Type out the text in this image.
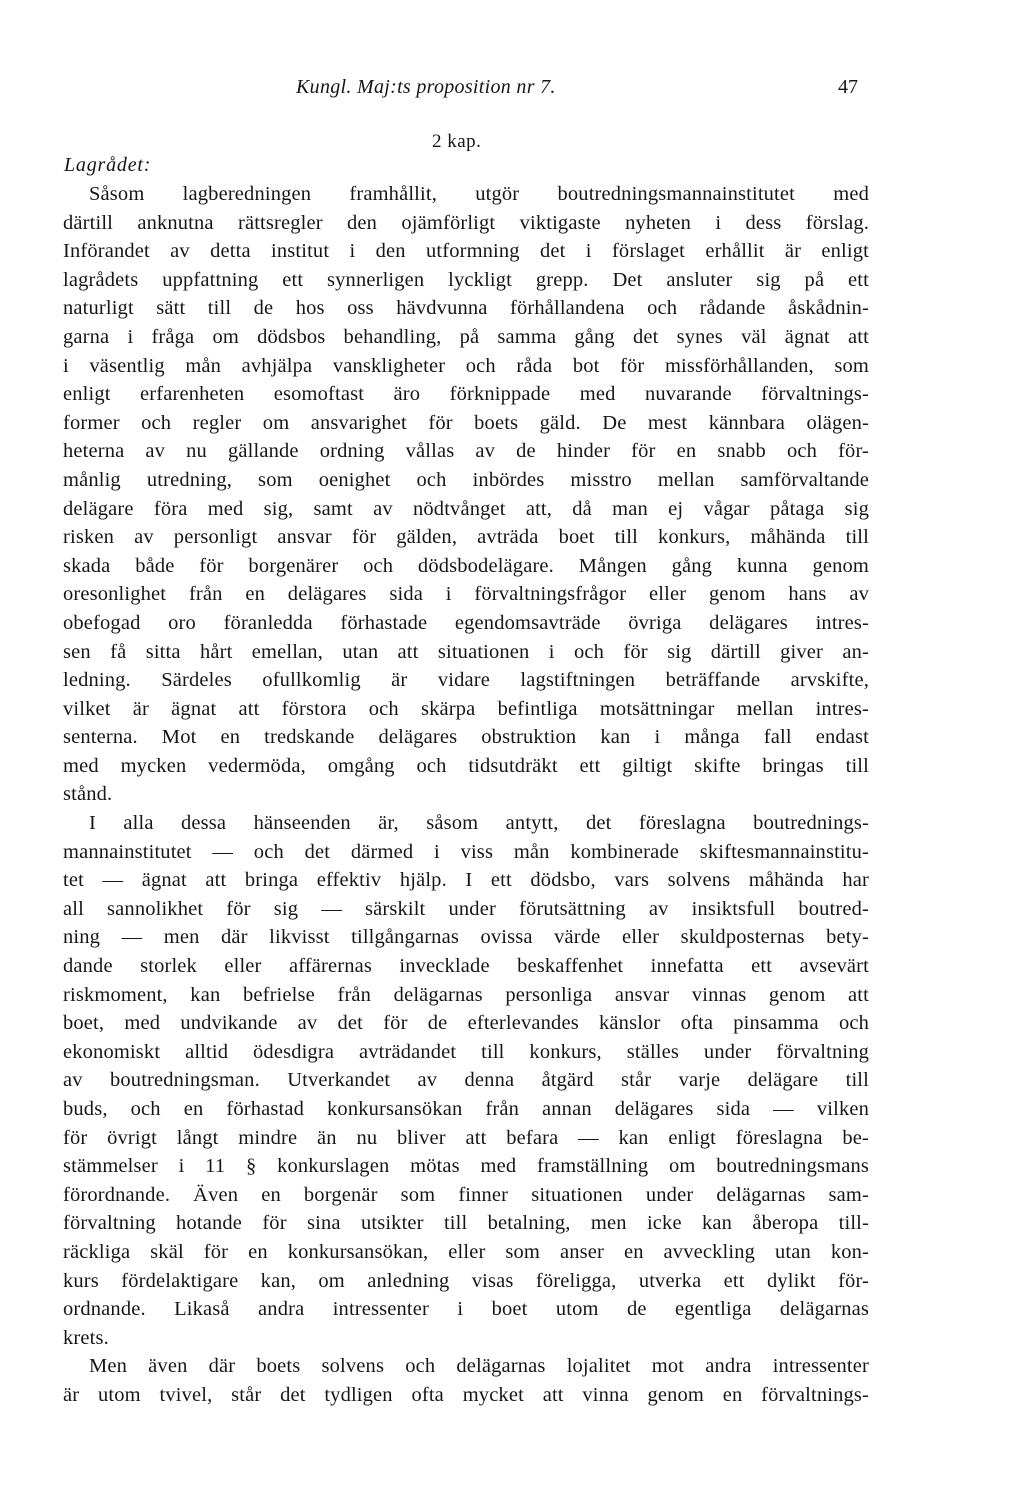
Kungl. Maj:ts proposition nr 7.	47
2 kap.
Lagrådet:
Såsom lagberedningen framhållit, utgör boutredningsmannainstitutet med
därtill anknutna rättsregler den ojämförligt viktigaste nyheten i dess förslag.
Införandet av detta institut i den utformning det i förslaget erhållit är enligt
lagrådets uppfattning ett synnerligen lyckligt grepp. Det ansluter sig på ett
naturligt sätt till de hos oss hävdvunna förhållandena och rådande åskådnin-
garna i fråga om dödsbos behandling, på samma gång det synes väl ägnat att
i väsentlig mån avhjälpa vanskligheter och råda bot för missförhållanden, som
enligt erfarenheten esomoftast äro förknippade med nuvarande förvaltnings-
former och regler om ansvarighet för boets gäld. De mest kännbara olägen-
heterna av nu gällande ordning vållas av de hinder för en snabb och för-
månlig utredning, som oenighet och inbördes misstro mellan samförvaltande
delägare föra med sig, samt av nödtvånget att, då man ej vågar påtaga sig
risken av personligt ansvar för gälden, avträda boet till konkurs, måhända till
skada både för borgenärer och dödsbodelägare. Mången gång kunna genom
oresonlighet från en delägares sida i förvaltningsfrågor eller genom hans av
obefogad oro föranledda förhastade egendomsavträde övriga delägares intres-
sen få sitta hårt emellan, utan att situationen i och för sig därtill giver an-
ledning. Särdeles ofullkomlig är vidare lagstiftningen beträffande arvskifte,
vilket är ägnat att förstora och skärpa befintliga motsättningar mellan intres-
senterna. Mot en tredskande delägares obstruktion kan i många fall endast
med mycken vedermöda, omgång och tidsutdräkt ett giltigt skifte bringas till
stånd.
I alla dessa hänseenden är, såsom antytt, det föreslagna boutrednings-
mannainstitutet — och det därmed i viss mån kombinerade skiftesmannainstitu-
tet — ägnat att bringa effektiv hjälp. I ett dödsbo, vars solvens måhända har
all sannolikhet för sig — särskilt under förutsättning av insiktsfull boutred-
ning — men där likvisst tillgångarnas ovissa värde eller skuldposternas bety-
dande storlek eller affärernas invecklade beskaffenhet innefatta ett avsevärt
riskmoment, kan befrielse från delägarnas personliga ansvar vinnas genom att
boet, med undvikande av det för de efterlevandes känslor ofta pinsamma och
ekonomiskt alltid ödesdigra avträdandet till konkurs, ställes under förvaltning
av boutredningsman. Utverkandet av denna åtgärd står varje delägare till
buds, och en förhastad konkursansökan från annan delägares sida — vilken
för övrigt långt mindre än nu bliver att befara — kan enligt föreslagna be-
stämmelser i 11 § konkurslagen mötas med framställning om boutredningsmans
förordnande. Även en borgenär som finner situationen under delägarnas sam-
förvaltning hotande för sina utsikter till betalning, men icke kan åberopa till-
räckliga skäl för en konkursansökan, eller som anser en avveckling utan kon-
kurs fördelaktigare kan, om anledning visas föreligga, utverka ett dylikt för-
ordnande. Likaså andra intressenter i boet utom de egentliga delägarnas
krets.
Men även där boets solvens och delägarnas lojalitet mot andra intressenter
är utom tvivel, står det tydligen ofta mycket att vinna genom en förvaltnings-
